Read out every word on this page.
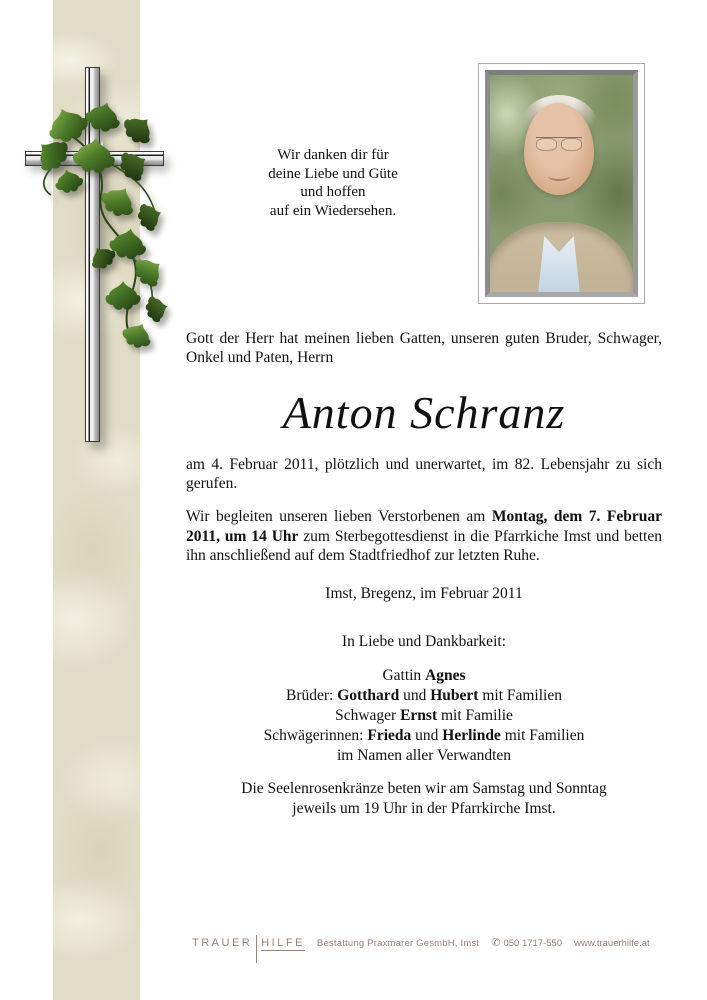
Wir danken dir für
deine Liebe und Güte
und hoffen
auf ein Wiedersehen.
Gott der Herr hat meinen lieben Gatten, unseren guten Bruder, Schwager, Onkel und Paten, Herrn
Anton Schranz
am 4. Februar 2011, plötzlich und unerwartet, im 82. Lebensjahr zu sich gerufen.
Wir begleiten unseren lieben Verstorbenen am Montag, dem 7. Februar 2011, um 14 Uhr zum Sterbegottesdienst in die Pfarrkiche Imst und betten ihn anschließend auf dem Stadtfriedhof zur letzten Ruhe.
Imst, Bregenz, im Februar 2011
In Liebe und Dankbarkeit:
Gattin Agnes
Brüder: Gotthard und Hubert mit Familien
Schwager Ernst mit Familie
Schwägerinnen: Frieda und Herlinde mit Familien
im Namen aller Verwandten
Die Seelenrosenkränze beten wir am Samstag und Sonntag
jeweils um 19 Uhr in der Pfarrkirche Imst.
TRAUER HILFE Bestattung Praxmarer GesmbH, Imst ✆ 050 1717-550 www.trauerhilfe.at
